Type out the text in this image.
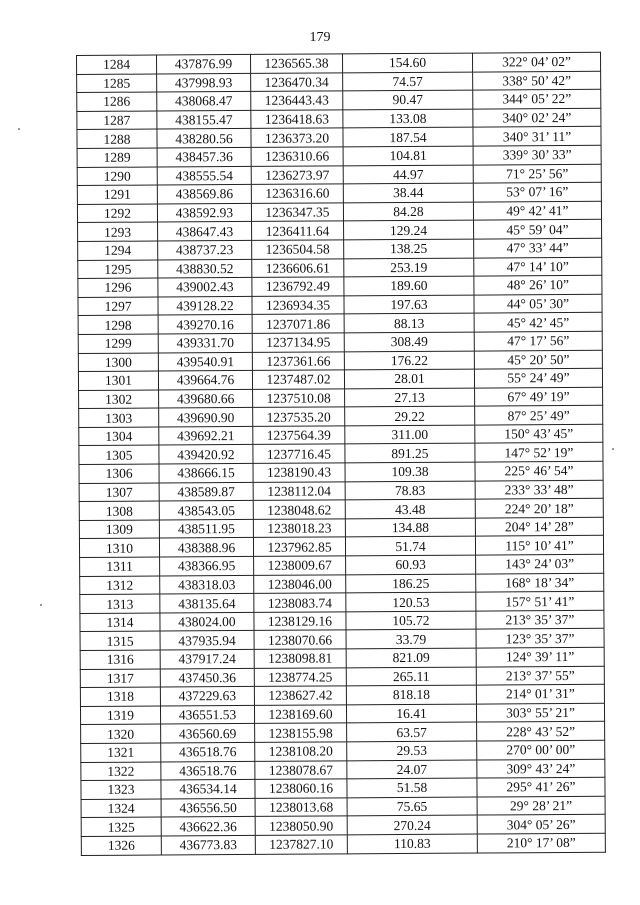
179
1284	437876.99	1236565.38	154.60	322° 04’ 02”
1285	437998.93	1236470.34	74.57	338° 50’ 42”
1286	438068.47	1236443.43	90.47	344° 05’ 22”
1287	438155.47	1236418.63	133.08	340° 02’ 24”
1288	438280.56	1236373.20	187.54	340° 31’ 11”
1289	438457.36	1236310.66	104.81	339° 30’ 33”
1290	438555.54	1236273.97	44.97	71° 25’ 56”
1291	438569.86	1236316.60	38.44	53° 07’ 16”
1292	438592.93	1236347.35	84.28	49° 42’ 41”
1293	438647.43	1236411.64	129.24	45° 59’ 04”
1294	438737.23	1236504.58	138.25	47° 33’ 44”
1295	438830.52	1236606.61	253.19	47° 14’ 10”
1296	439002.43	1236792.49	189.60	48° 26’ 10”
1297	439128.22	1236934.35	197.63	44° 05’ 30”
1298	439270.16	1237071.86	88.13	45° 42’ 45”
1299	439331.70	1237134.95	308.49	47° 17’ 56”
1300	439540.91	1237361.66	176.22	45° 20’ 50”
1301	439664.76	1237487.02	28.01	55° 24’ 49”
1302	439680.66	1237510.08	27.13	67° 49’ 19”
1303	439690.90	1237535.20	29.22	87° 25’ 49”
1304	439692.21	1237564.39	311.00	150° 43’ 45”
1305	439420.92	1237716.45	891.25	147° 52’ 19”
1306	438666.15	1238190.43	109.38	225° 46’ 54”
1307	438589.87	1238112.04	78.83	233° 33’ 48”
1308	438543.05	1238048.62	43.48	224° 20’ 18”
1309	438511.95	1238018.23	134.88	204° 14’ 28”
1310	438388.96	1237962.85	51.74	115° 10’ 41”
1311	438366.95	1238009.67	60.93	143° 24’ 03”
1312	438318.03	1238046.00	186.25	168° 18’ 34”
1313	438135.64	1238083.74	120.53	157° 51’ 41”
1314	438024.00	1238129.16	105.72	213° 35’ 37”
1315	437935.94	1238070.66	33.79	123° 35’ 37”
1316	437917.24	1238098.81	821.09	124° 39’ 11”
1317	437450.36	1238774.25	265.11	213° 37’ 55”
1318	437229.63	1238627.42	818.18	214° 01’ 31”
1319	436551.53	1238169.60	16.41	303° 55’ 21”
1320	436560.69	1238155.98	63.57	228° 43’ 52”
1321	436518.76	1238108.20	29.53	270° 00’ 00”
1322	436518.76	1238078.67	24.07	309° 43’ 24”
1323	436534.14	1238060.16	51.58	295° 41’ 26”
1324	436556.50	1238013.68	75.65	29° 28’ 21”
1325	436622.36	1238050.90	270.24	304° 05’ 26”
1326	436773.83	1237827.10	110.83	210° 17’ 08”
